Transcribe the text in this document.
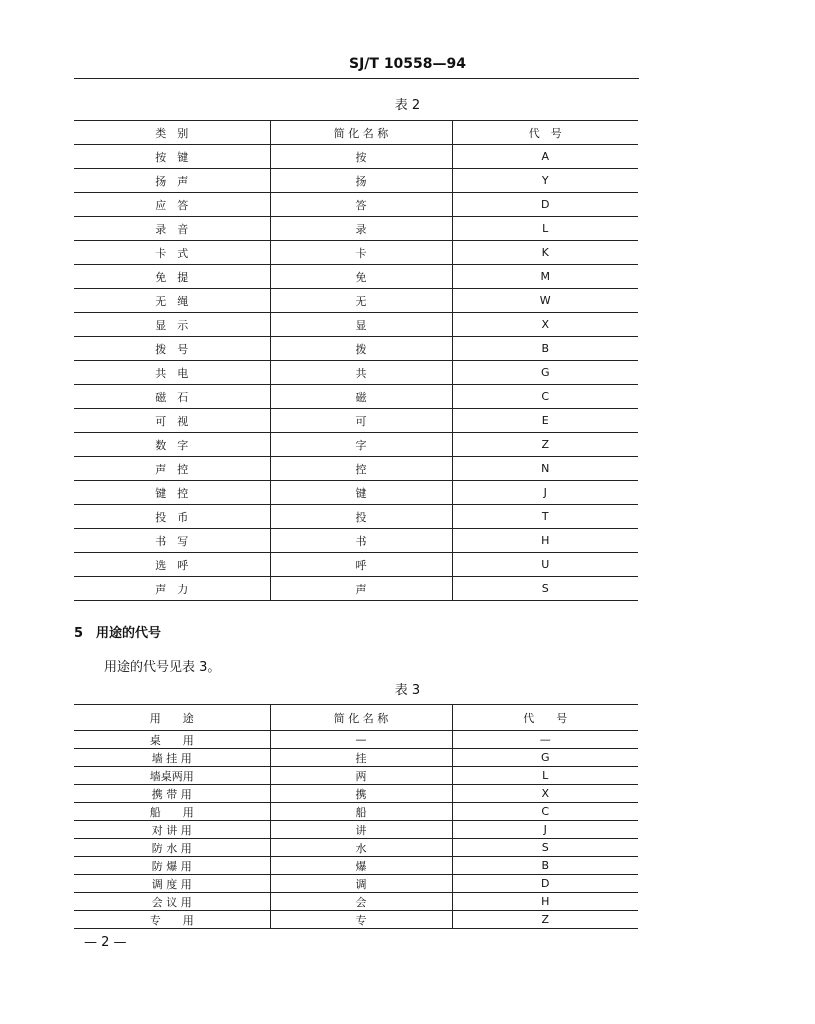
SJ/T 10558—94
表 2
类　别	简 化 名 称	代　号
按　键	按	A
扬　声	扬	Y
应　答	答	D
录　音	录	L
卡　式	卡	K
免　提	免	M
无　绳	无	W
显　示	显	X
拨　号	拨	B
共　电	共	G
磁　石	磁	C
可　视	可	E
数　字	字	Z
声　控	控	N
键　控	键	J
投　币	投	T
书　写	书	H
选　呼	呼	U
声　力	声	S
5　用途的代号
用途的代号见表 3。
表 3
用　　途	简 化 名 称	代　　号
桌　　用	—	—
墙 挂 用	挂	G
墙桌两用	两	L
携 带 用	携	X
船　　用	船	C
对 讲 用	讲	J
防 水 用	水	S
防 爆 用	爆	B
调 度 用	调	D
会 议 用	会	H
专　　用	专	Z
— 2 —
